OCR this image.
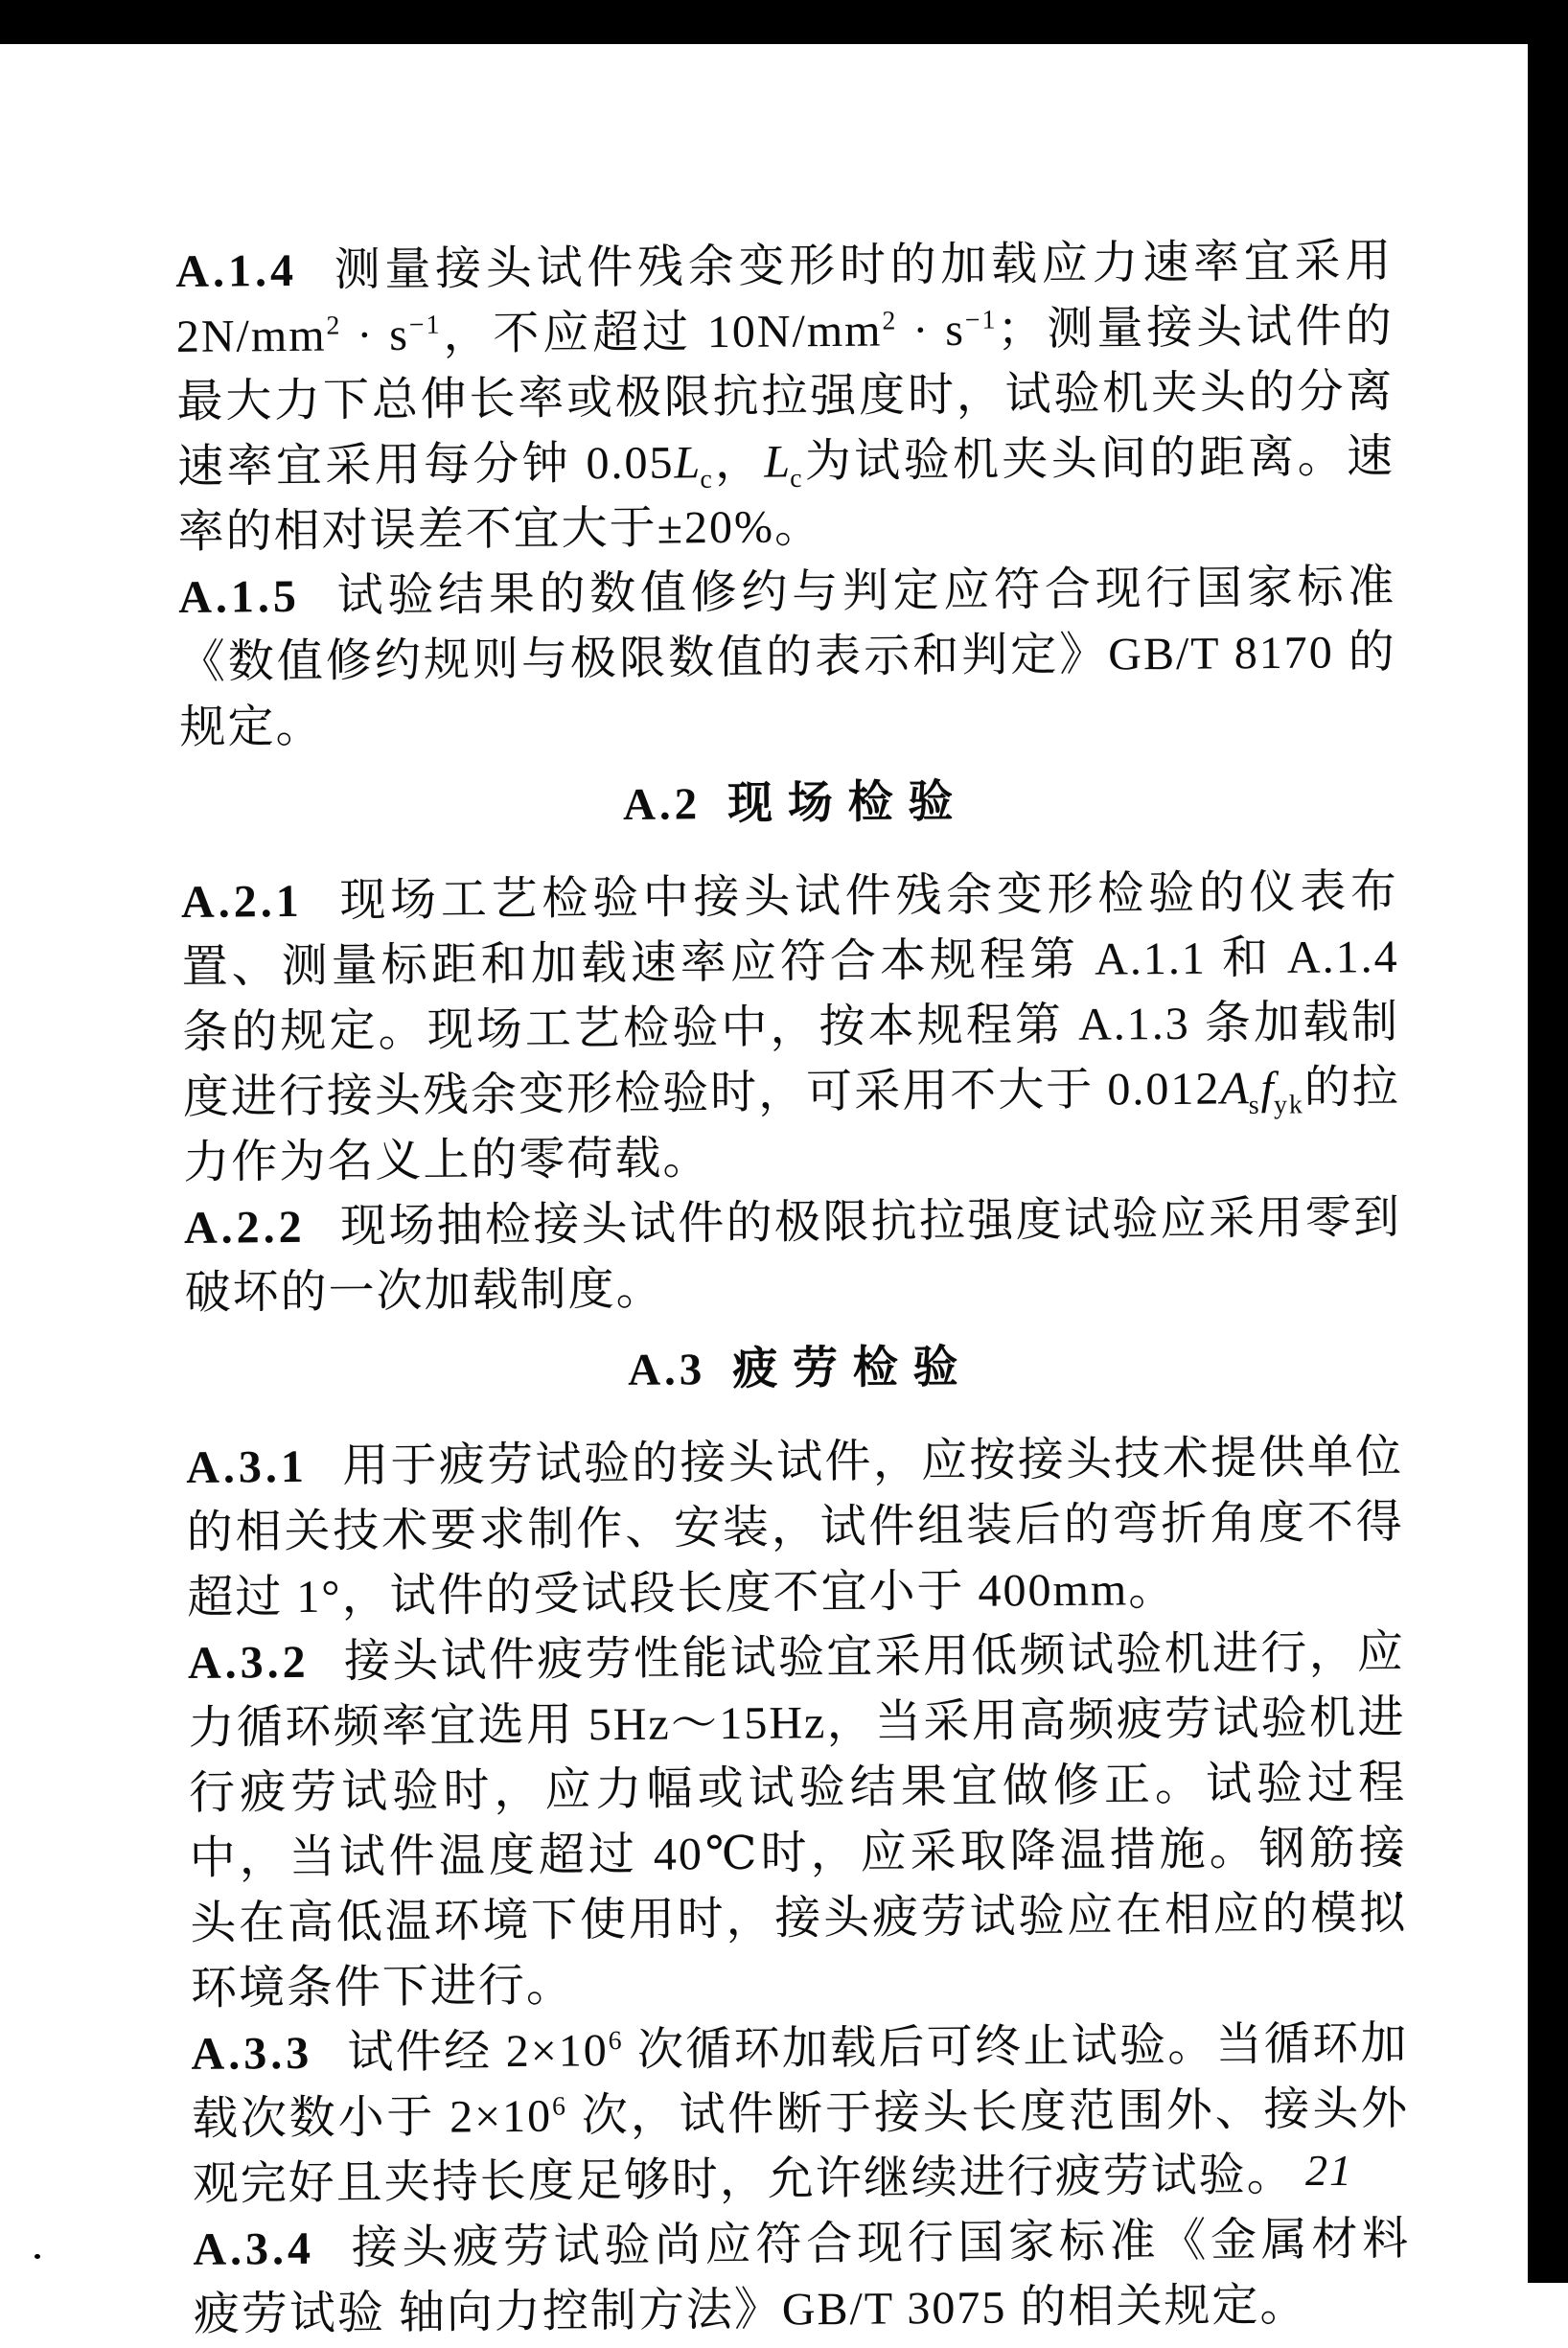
A.1.4 测量接头试件残余变形时的加载应力速率宜采用 $2N/mm^2 \cdot s^{-1}$，不应超过 $10N/mm^2 \cdot s^{-1}$；测量接头试件的最大力下总伸长率或极限抗拉强度时，试验机夹头的分离速率宜采用每分钟 $0.05L_c$，$L_c$为试验机夹头间的距离。速率的相对误差不宜大于±20%。

A.1.5 试验结果的数值修约与判定应符合现行国家标准《数值修约规则与极限数值的表示和判定》GB/T 8170 的规定。

A.2 现 场 检 验

A.2.1 现场工艺检验中接头试件残余变形检验的仪表布置、测量标距和加载速率应符合本规程第 A.1.1 和 A.1.4 条的规定。现场工艺检验中，按本规程第 A.1.3 条加载制度进行接头残余变形检验时，可采用不大于 $0.012A_sf_{yk}$的拉力作为名义上的零荷载。

A.2.2 现场抽检接头试件的极限抗拉强度试验应采用零到破坏的一次加载制度。

A.3 疲 劳 检 验

A.3.1 用于疲劳试验的接头试件，应按接头技术提供单位的相关技术要求制作、安装，试件组装后的弯折角度不得超过 1°，试件的受试段长度不宜小于 400mm。

A.3.2 接头试件疲劳性能试验宜采用低频试验机进行，应力循环频率宜选用 5Hz～15Hz，当采用高频疲劳试验机进行疲劳试验时，应力幅或试验结果宜做修正。试验过程中，当试件温度超过 40℃时，应采取降温措施。钢筋接头在高低温环境下使用时，接头疲劳试验应在相应的模拟环境条件下进行。

A.3.3 试件经 $2\times 10^6$ 次循环加载后可终止试验。当循环加载次数小于 $2\times 10^6$ 次，试件断于接头长度范围外、接头外观完好且夹持长度足够时，允许继续进行疲劳试验。

A.3.4 接头疲劳试验尚应符合现行国家标准《金属材料 疲劳试验 轴向力控制方法》GB/T 3075 的相关规定。

21
